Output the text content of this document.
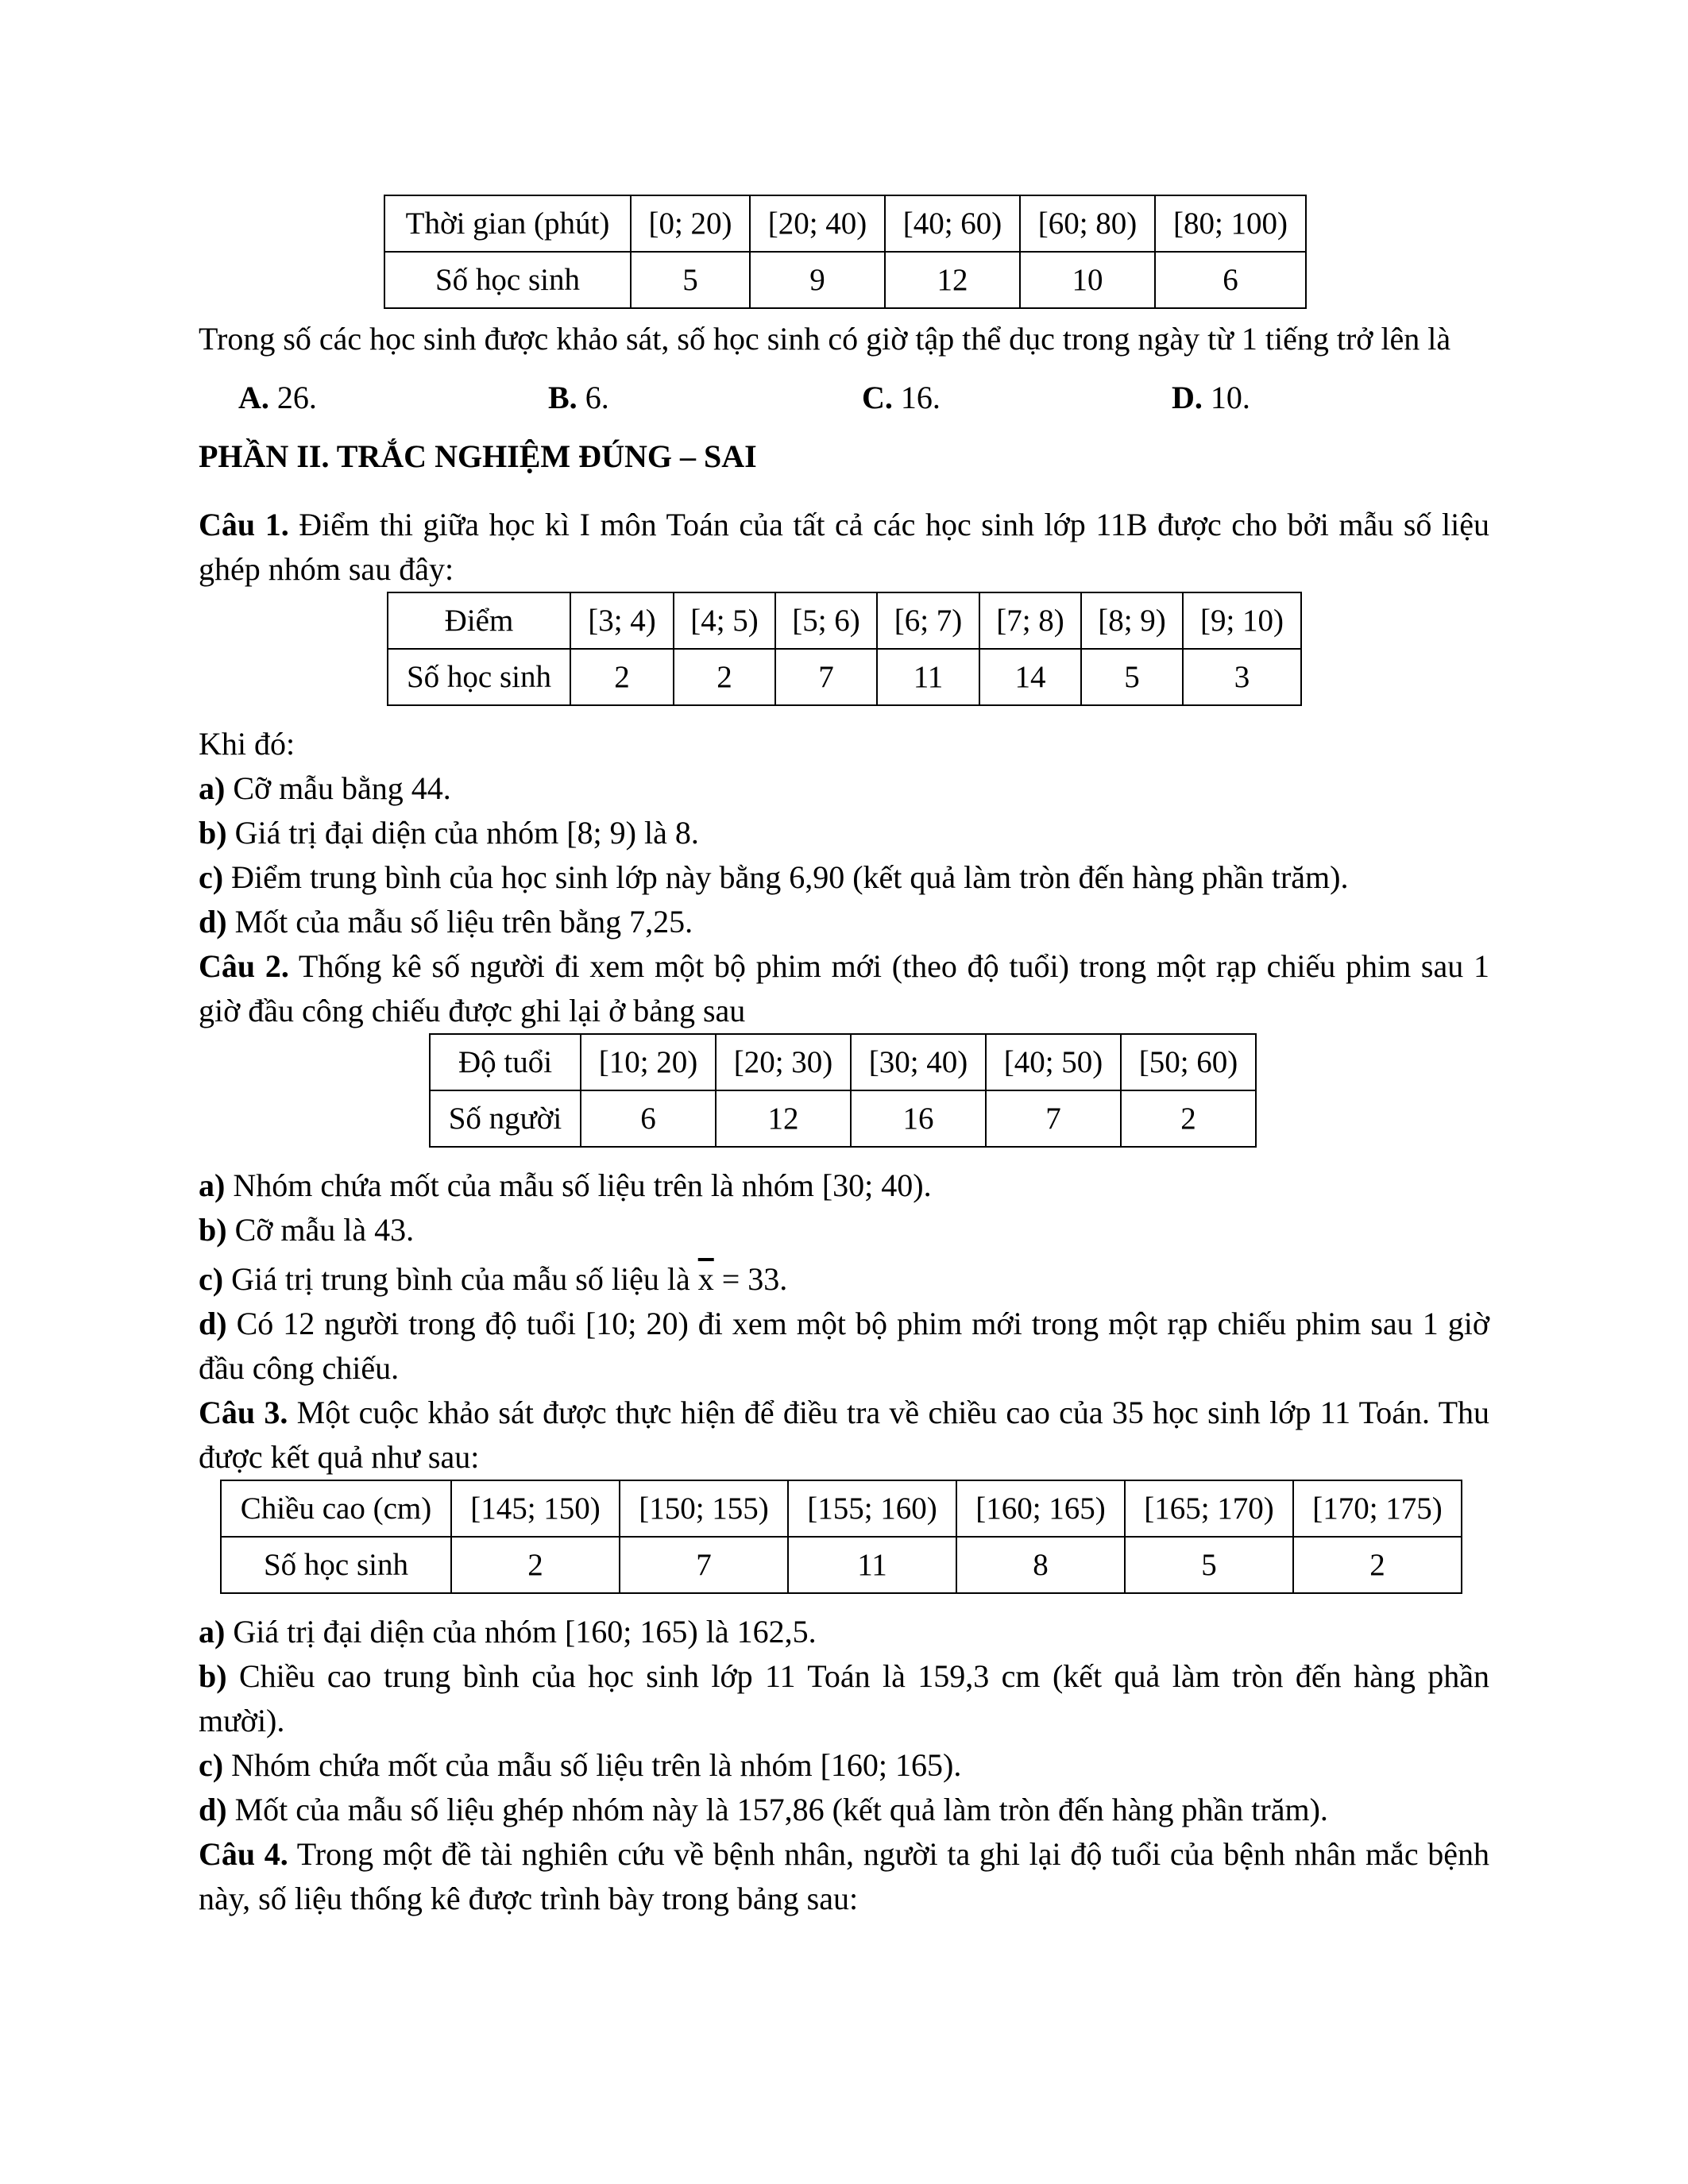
Thời gian (phút)	[0; 20)	[20; 40)	[40; 60)	[60; 80)	[80; 100)
Số học sinh	5	9	12	10	6

Trong số các học sinh được khảo sát, số học sinh có giờ tập thể dục trong ngày từ 1 tiếng trở lên là

A. 26.	B. 6.	C. 16.	D. 10.
PHẦN II. TRẮC NGHIỆM ĐÚNG – SAI

Câu 1. Điểm thi giữa học kì I môn Toán của tất cả các học sinh lớp 11B được cho bởi mẫu số liệu ghép nhóm sau đây:

Điểm	[3; 4)	[4; 5)	[5; 6)	[6; 7)	[7; 8)	[8; 9)	[9; 10)
Số học sinh	2	2	7	11	14	5	3

Khi đó:

a) Cỡ mẫu bằng 44.

b) Giá trị đại diện của nhóm [8; 9) là 8.

c) Điểm trung bình của học sinh lớp này bằng 6,90 (kết quả làm tròn đến hàng phần trăm).

d) Mốt của mẫu số liệu trên bằng 7,25.

Câu 2. Thống kê số người đi xem một bộ phim mới (theo độ tuổi) trong một rạp chiếu phim sau 1 giờ đầu công chiếu được ghi lại ở bảng sau

Độ tuổi	[10; 20)	[20; 30)	[30; 40)	[40; 50)	[50; 60)
Số người	6	12	16	7	2

a) Nhóm chứa mốt của mẫu số liệu trên là nhóm [30; 40).

b) Cỡ mẫu là 43.

c) Giá trị trung bình của mẫu số liệu là $\overline{x} = 33$.

d) Có 12 người trong độ tuổi [10; 20) đi xem một bộ phim mới trong một rạp chiếu phim sau 1 giờ đầu công chiếu.

Câu 3. Một cuộc khảo sát được thực hiện để điều tra về chiều cao của 35 học sinh lớp 11 Toán. Thu được kết quả như sau:

Chiều cao (cm)	[145; 150)	[150; 155)	[155; 160)	[160; 165)	[165; 170)	[170; 175)
Số học sinh	2	7	11	8	5	2

a) Giá trị đại diện của nhóm [160; 165) là 162,5.

b) Chiều cao trung bình của học sinh lớp 11 Toán là 159,3 cm (kết quả làm tròn đến hàng phần mười).

c) Nhóm chứa mốt của mẫu số liệu trên là nhóm [160; 165).

d) Mốt của mẫu số liệu ghép nhóm này là 157,86 (kết quả làm tròn đến hàng phần trăm).

Câu 4. Trong một đề tài nghiên cứu về bệnh nhân, người ta ghi lại độ tuổi của bệnh nhân mắc bệnh này, số liệu thống kê được trình bày trong bảng sau:
